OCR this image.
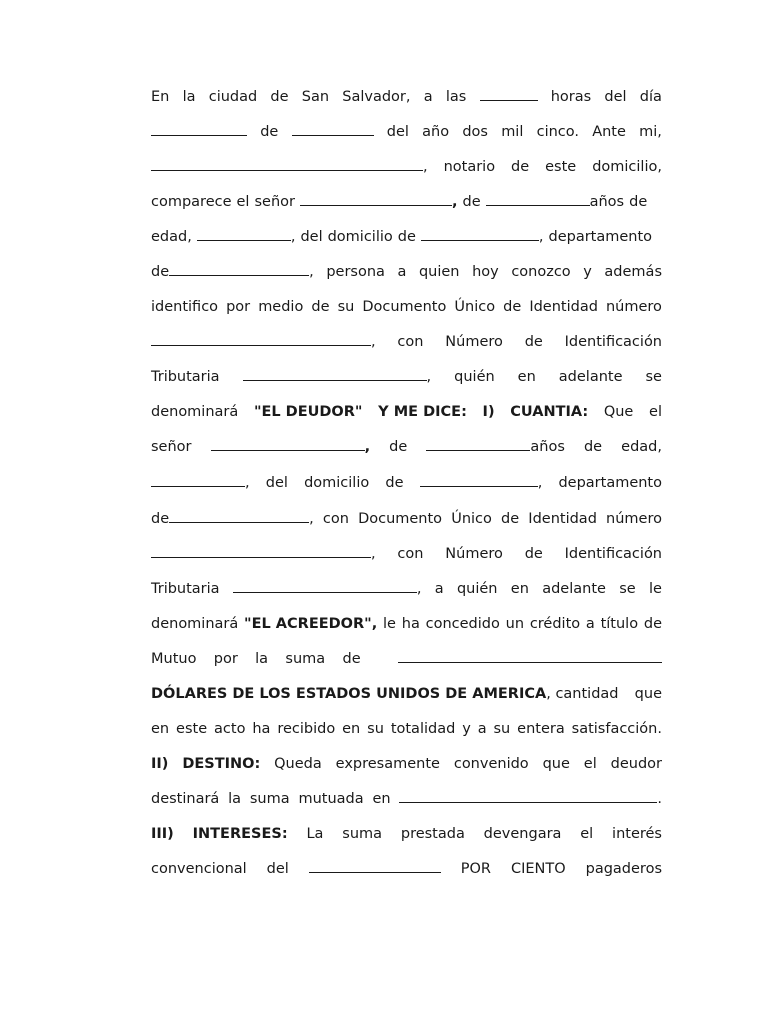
En la ciudad de San Salvador, a las	horas del día
de	del año dos mil cinco. Ante mi,
, notario de este domicilio,
comparece el señor	, de	años de
edad,	, del domicilio de	, departamento
de	, persona a quien hoy conozco y además
identifico por medio de su Documento Único de Identidad número
, con Número de Identificación
Tributaria	, quién en adelante se
denominará "EL DEUDOR" Y ME DICE: I) CUANTIA: Que el
señor	, de	años de edad,
, del domicilio de	, departamento
de	, con Documento Único de Identidad número
, con Número de Identificación
Tributaria	, a quién en adelante se le
denominará "EL ACREEDOR", le ha concedido un crédito a título de
Mutuo por la suma de
DÓLARES DE LOS ESTADOS UNIDOS DE AMERICA, cantidad que
en este acto ha recibido en su totalidad y a su entera satisfacción.
II) DESTINO: Queda expresamente convenido que el deudor
destinará la suma mutuada en	.
III) INTERESES: La suma prestada devengara el interés
convencional del	POR CIENTO pagaderos
